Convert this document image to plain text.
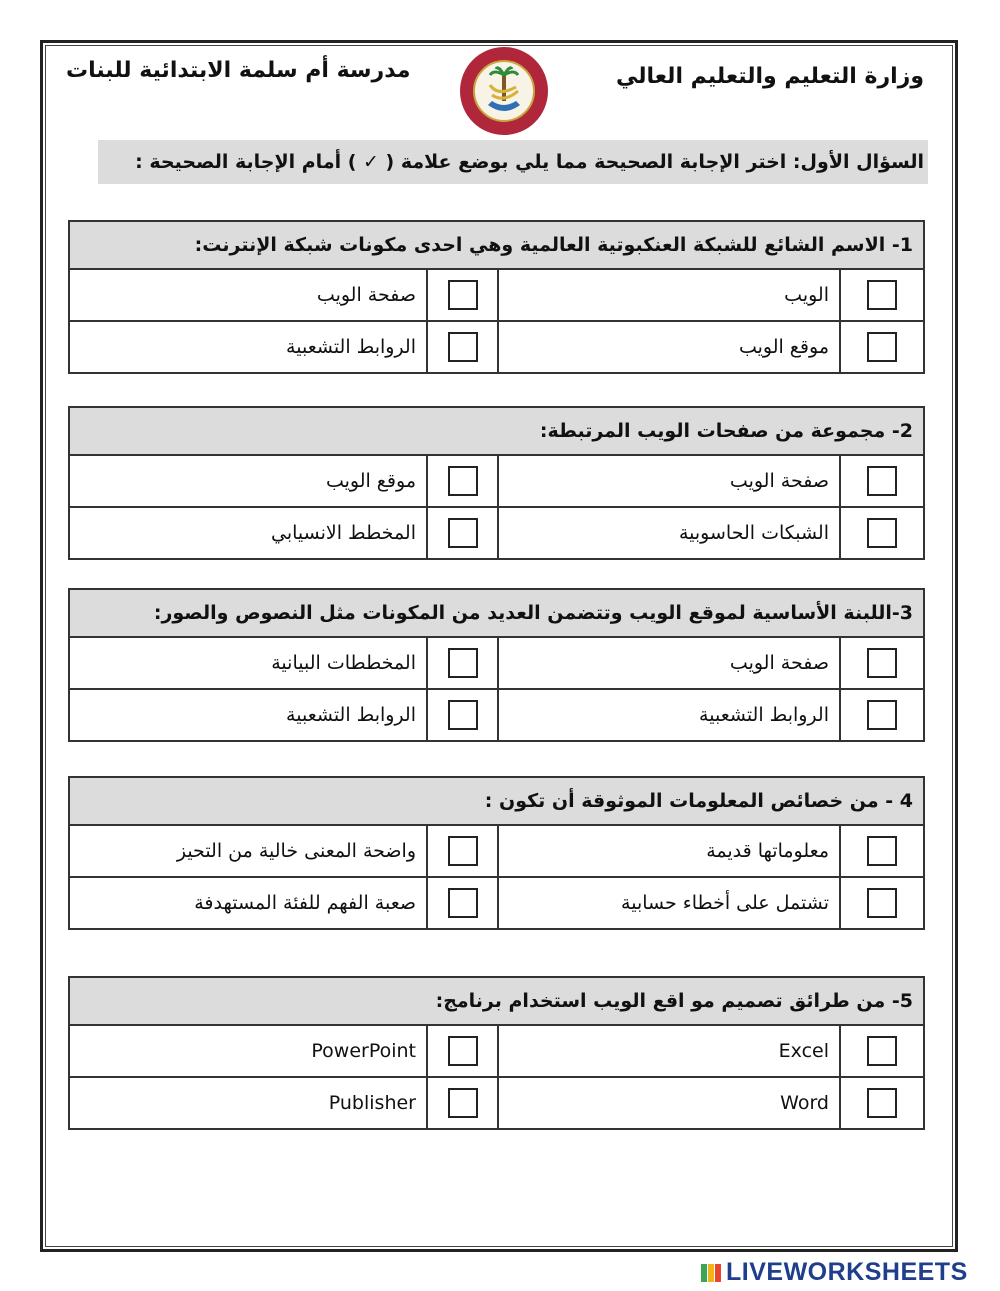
وزارة التعليم والتعليم العالي
مدرسة أم سلمة الابتدائية للبنات
السؤال الأول: اختر الإجابة الصحيحة مما يلي بوضع علامة ( ✓ ) أمام الإجابة الصحيحة :
1- الاسم الشائع للشبكة العنكبوتية العالمية وهي احدى مكونات شبكة الإنترنت:
الويب
صفحة الويب
موقع الويب
الروابط التشعبية
2- مجموعة من صفحات الويب المرتبطة:
صفحة الويب
موقع الويب
الشبكات الحاسوبية
المخطط الانسيابي
3-اللبنة الأساسية لموقع الويب وتتضمن العديد من المكونات مثل النصوص والصور:
صفحة الويب
المخططات البيانية
الروابط التشعبية
الروابط التشعبية
4 - من خصائص المعلومات الموثوقة أن تكون :
معلوماتها قديمة
واضحة المعنى خالية من التحيز
تشتمل على أخطاء حسابية
صعبة الفهم للفئة المستهدفة
5- من طرائق تصميم مو اقع الويب استخدام برنامج:
Excel
PowerPoint
Word
Publisher
LIVEWORKSHEETS
